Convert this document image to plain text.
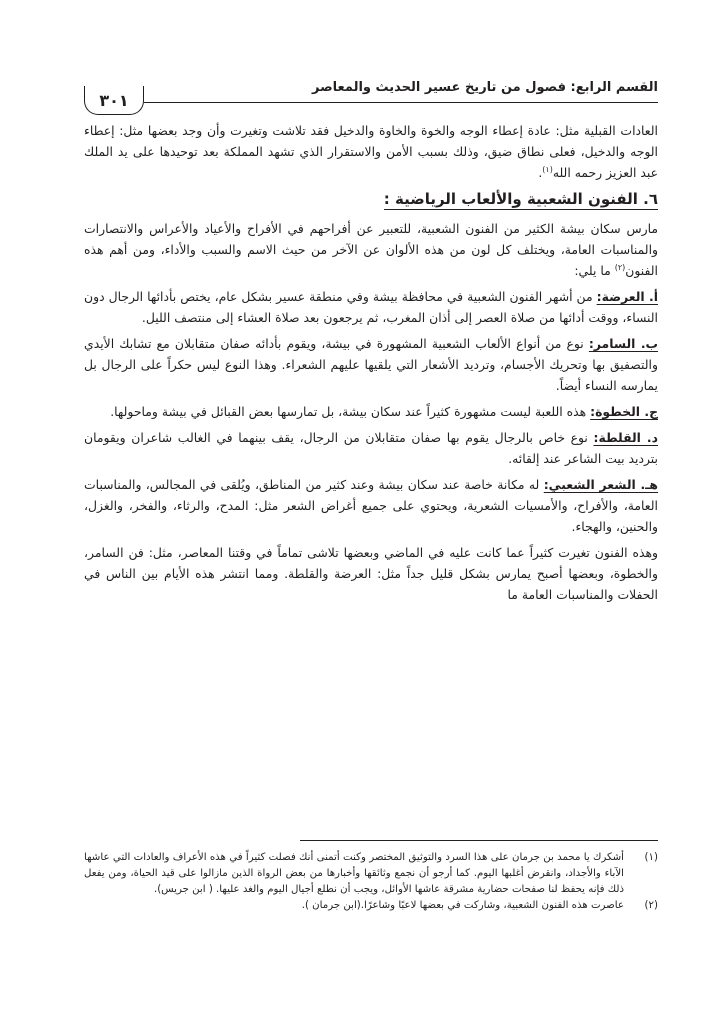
القسم الرابع: فصول من تاريخ عسير الحديث والمعاصر
٣٠١

العادات القبلية مثل: عادة إعطاء الوجه والخوة والخاوة والدخيل فقد تلاشت وتغيرت وأن وجد بعضها مثل: إعطاء الوجه والدخيل، فعلى نطاق ضيق، وذلك بسبب الأمن والاستقرار الذي تشهد المملكة بعد توحيدها على يد الملك عبد العزيز رحمه الله$^{(١)}$.

٦. الفنون الشعبية والألعاب الرياضية :

مارس سكان بيشة الكثير من الفنون الشعبية، للتعبير عن أفراحهم في الأفراح والأعياد والأعراس والانتصارات والمناسبات العامة، ويختلف كل لون من هذه الألوان عن الآخر من حيث الاسم والسبب والأداء، ومن أهم هذه الفنون$^{(٢)}$ ما يلي:

أ. العرضة: من أشهر الفنون الشعبية في محافظة بيشة وفي منطقة عسير بشكل عام، يختص بأدائها الرجال دون النساء، ووقت أدائها من صلاة العصر إلى أذان المغرب، ثم يرجعون بعد صلاة العشاء إلى منتصف الليل.

ب. السامر: نوع من أنواع الألعاب الشعبية المشهورة في بيشة، ويقوم بأدائه صفان متقابلان مع تشابك الأيدي والتصفيق بها وتحريك الأجسام، وترديد الأشعار التي يلقيها عليهم الشعراء. وهذا النوع ليس حكراً على الرجال بل يمارسه النساء أيضاً.

ج. الخطوة: هذه اللعبة ليست مشهورة كثيراً عند سكان بيشة، بل تمارسها بعض القبائل في بيشة وماحولها.

د. القلطة: نوع خاص بالرجال يقوم بها صفان متقابلان من الرجال، يقف بينهما في الغالب شاعران ويقومان بترديد بيت الشاعر عند إلقائه.

هـ. الشعر الشعبي: له مكانة خاصة عند سكان بيشة وعند كثير من المناطق، ويُلقى في المجالس، والمناسبات العامة، والأفراح، والأمسيات الشعرية، ويحتوي على جميع أغراض الشعر مثل: المدح، والرثاء، والفخر، والغزل، والحنين، والهجاء.

وهذه الفنون تغيرت كثيراً عما كانت عليه في الماضي وبعضها تلاشى تماماً في وقتنا المعاصر، مثل: فن السامر، والخطوة، وبعضها أصبح يمارس بشكل قليل جداً مثل: العرضة والقلطة. ومما انتشر هذه الأيام بين الناس في الحفلات والمناسبات العامة ما

(١)
أشكرك يا محمد بن جرمان على هذا السرد والتوثيق المختصر وكنت أتمنى أنك فصلت كثيراً في هذه الأعراف والعادات التي عاشها الآباء والأجداد، وانقرض أغلبها اليوم. كما أرجو أن نجمع وثائقها وأخبارها من بعض الرواة الذين مازالوا على قيد الحياة، ومن يفعل ذلك فإنه يحفظ لنا صفحات حضارية مشرقة عاشها الأوائل، ويجب أن نطلع أجيال اليوم والغد عليها. ( ابن جريس).
(٢)
عاصرت هذه الفنون الشعبية، وشاركت في بعضها لاعبًا وشاعرًا.(ابن جرمان ).
